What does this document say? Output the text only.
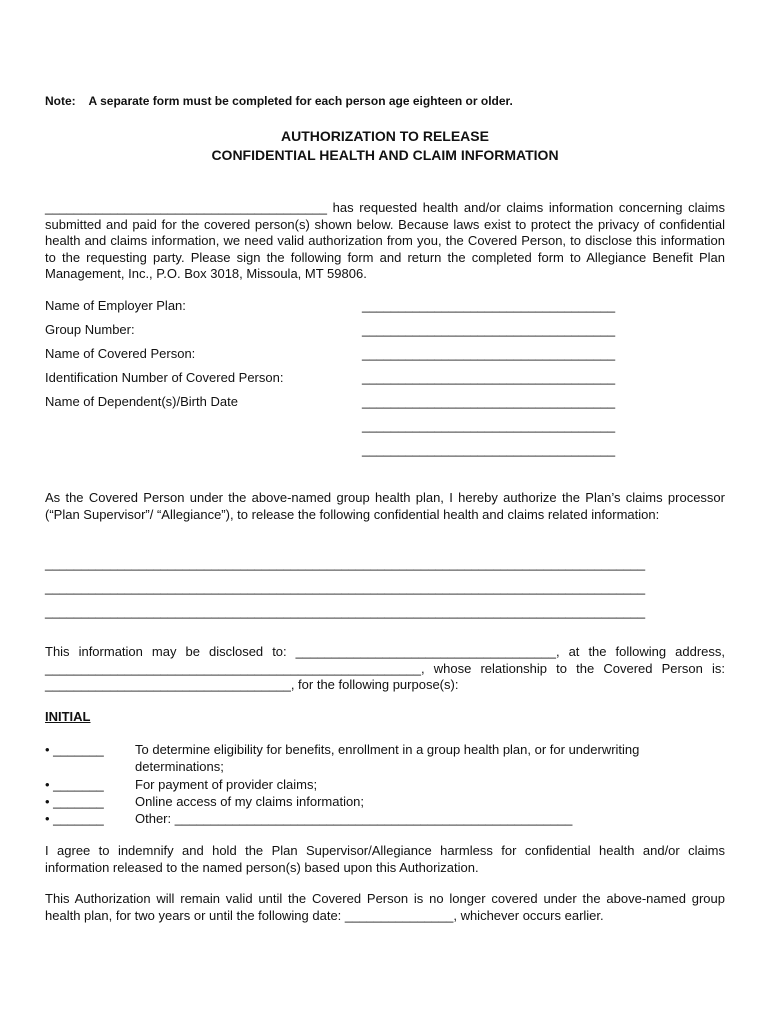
Note:    A separate form must be completed for each person age eighteen or older.
AUTHORIZATION TO RELEASE
CONFIDENTIAL HEALTH AND CLAIM INFORMATION
_______________________________________ has requested health and/or claims information concerning claims submitted and paid for the covered person(s) shown below. Because laws exist to protect the privacy of confidential health and claims information, we need valid authorization from you, the Covered Person, to disclose this information to the requesting party. Please sign the following form and return the completed form to Allegiance Benefit Plan Management, Inc., P.O. Box 3018, Missoula, MT 59806.
Name of Employer Plan:	___________________________________
Group Number:	___________________________________
Name of Covered Person:	___________________________________
Identification Number of Covered Person:	___________________________________
Name of Dependent(s)/Birth Date	___________________________________
___________________________________
___________________________________
As the Covered Person under the above-named group health plan, I hereby authorize the Plan’s claims processor (“Plan Supervisor”/ “Allegiance”), to release the following confidential health and claims related information:
___________________________________________________________________________________
___________________________________________________________________________________
___________________________________________________________________________________
This information may be disclosed to: ____________________________________, at the following address, ____________________________________________________, whose relationship to the Covered Person is: __________________________________, for the following purpose(s):
INITIAL
• _______ To determine eligibility for benefits, enrollment in a group health plan, or for underwriting determinations;
• _______ For payment of provider claims;
• _______ Online access of my claims information;
• _______ Other: _______________________________________________________
I agree to indemnify and hold the Plan Supervisor/Allegiance harmless for confidential health and/or claims information released to the named person(s) based upon this Authorization.
This Authorization will remain valid until the Covered Person is no longer covered under the above-named group health plan, for two years or until the following date: _______________, whichever occurs earlier.
